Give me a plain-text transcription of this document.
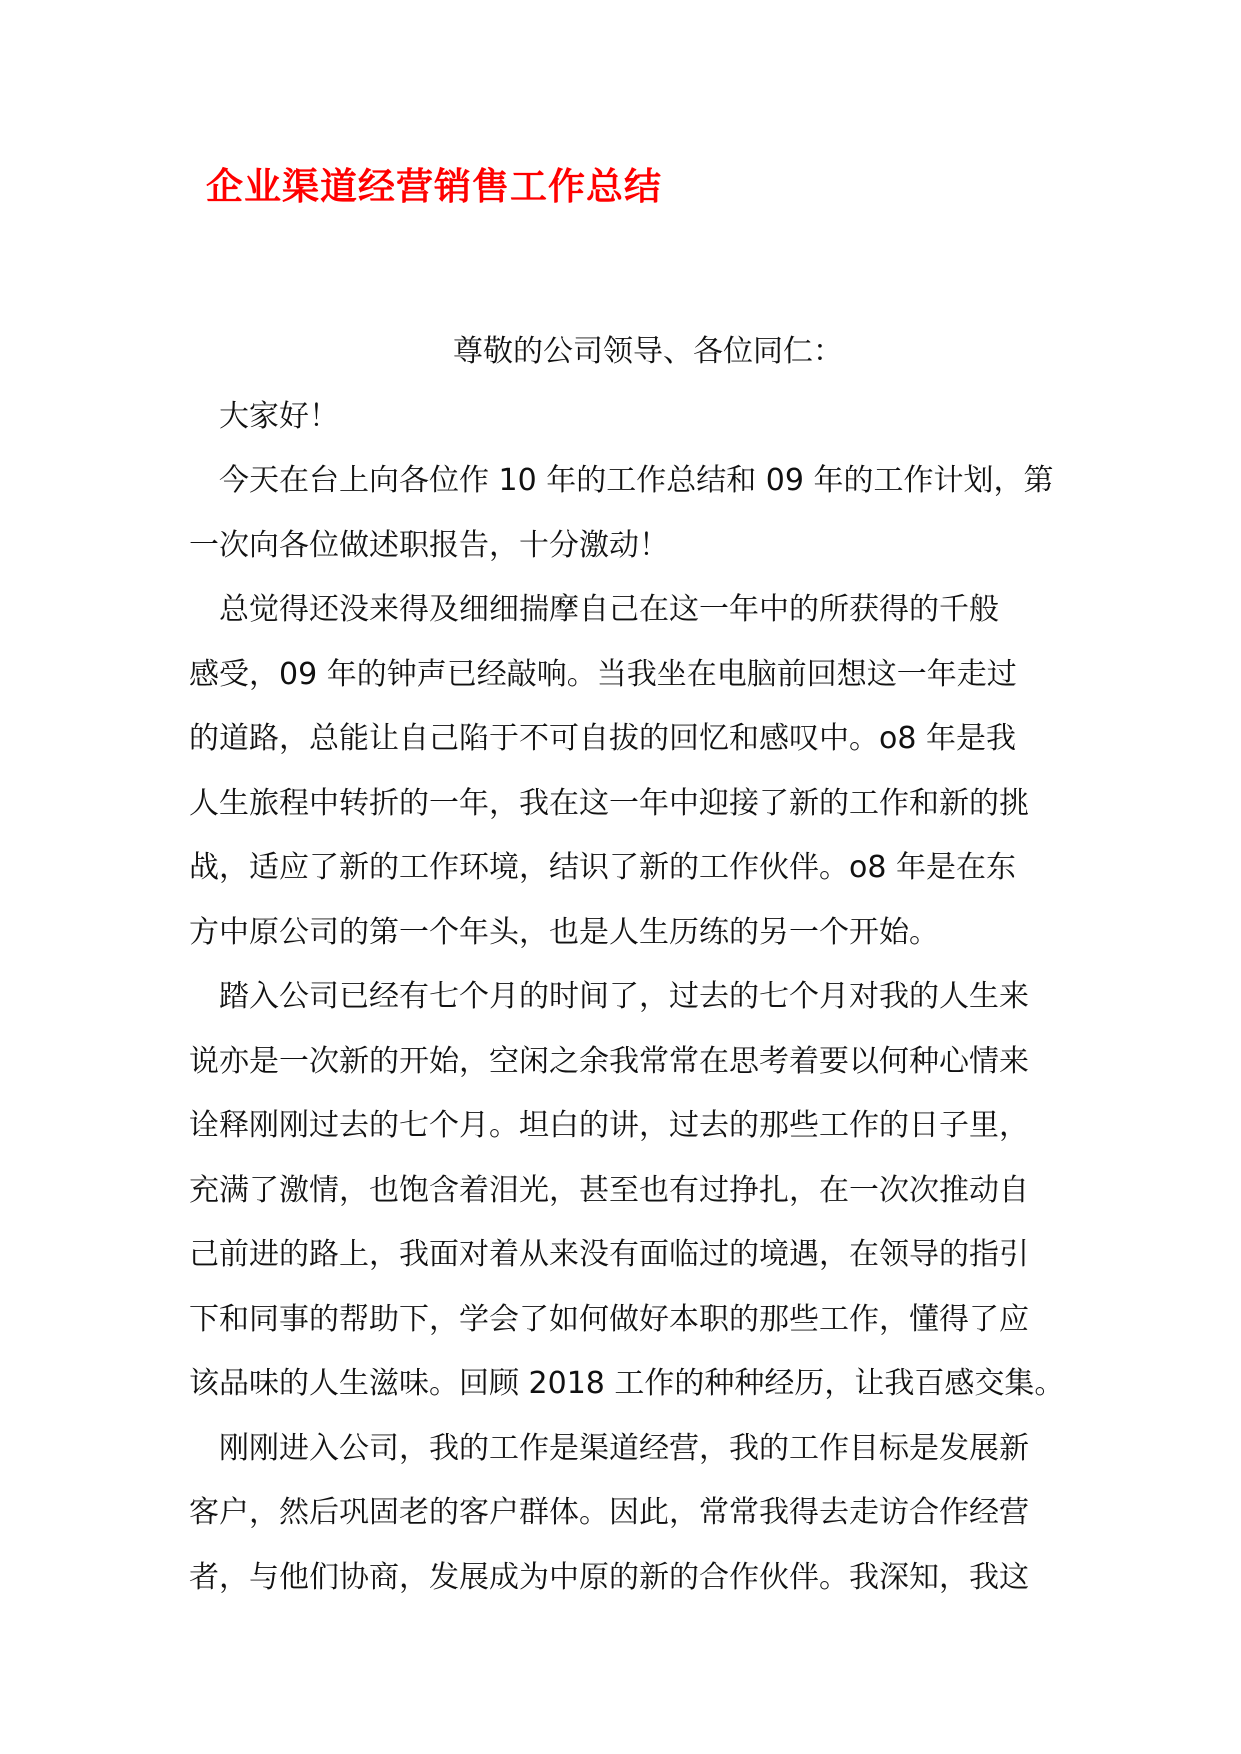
企业渠道经营销售工作总结
尊敬的公司领导、各位同仁：
大家好！
今天在台上向各位作 10 年的工作总结和 09 年的工作计划，第
一次向各位做述职报告，十分激动！
总觉得还没来得及细细揣摩自己在这一年中的所获得的千般
感受，09 年的钟声已经敲响。当我坐在电脑前回想这一年走过
的道路，总能让自己陷于不可自拔的回忆和感叹中。o8 年是我
人生旅程中转折的一年，我在这一年中迎接了新的工作和新的挑
战，适应了新的工作环境，结识了新的工作伙伴。o8 年是在东
方中原公司的第一个年头，也是人生历练的另一个开始。
踏入公司已经有七个月的时间了，过去的七个月对我的人生来
说亦是一次新的开始，空闲之余我常常在思考着要以何种心情来
诠释刚刚过去的七个月。坦白的讲，过去的那些工作的日子里，
充满了激情，也饱含着泪光，甚至也有过挣扎，在一次次推动自
己前进的路上，我面对着从来没有面临过的境遇，在领导的指引
下和同事的帮助下，学会了如何做好本职的那些工作，懂得了应
该品味的人生滋味。回顾 2018 工作的种种经历，让我百感交集。
刚刚进入公司，我的工作是渠道经营，我的工作目标是发展新
客户，然后巩固老的客户群体。因此，常常我得去走访合作经营
者，与他们协商，发展成为中原的新的合作伙伴。我深知，我这
